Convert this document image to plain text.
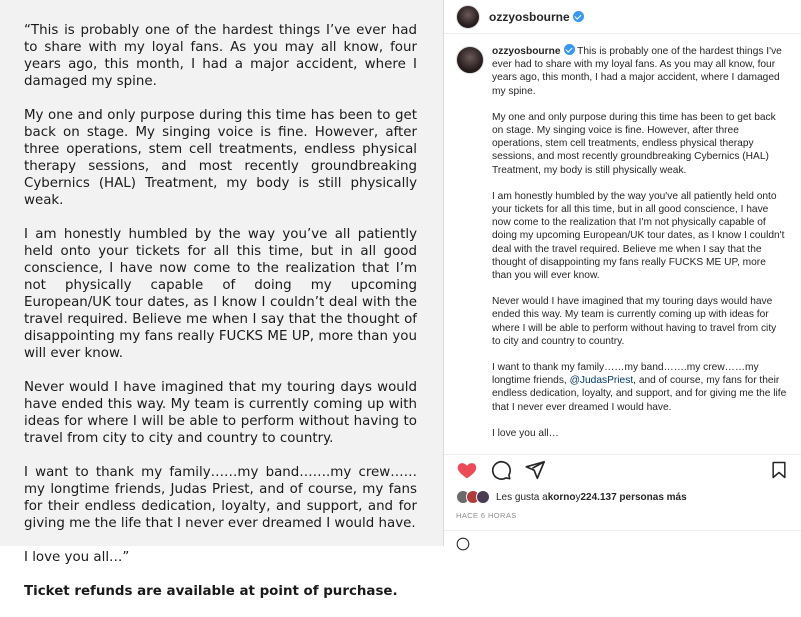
“This is probably one of the hardest things I’ve ever had to share with my loyal fans. As you may all know, four years ago, this month, I had a major accident, where I damaged my spine.

My one and only purpose during this time has been to get back on stage. My singing voice is fine. However, after three operations, stem cell treatments, endless physical therapy sessions, and most recently groundbreaking Cybernics (HAL) Treatment, my body is still physically weak.

I am honestly humbled by the way you’ve all patiently held onto your tickets for all this time, but in all good conscience, I have now come to the realization that I’m not physically capable of doing my upcoming European/UK tour dates, as I know I couldn’t deal with the travel required. Believe me when I say that the thought of disappointing my fans really FUCKS ME UP, more than you will ever know.

Never would I have imagined that my touring days would have ended this way. My team is currently coming up with ideas for where I will be able to perform without having to travel from city to city and country to country.

I want to thank my family……my band…….my crew……my longtime friends, Judas Priest, and of course, my fans for their endless dedication, loyalty, and support, and for giving me the life that I never ever dreamed I would have.

I love you all…”

Ticket refunds are available at point of purchase.

ozzyosbourne

ozzyosbourne This is probably one of the hardest things I've ever had to share with my loyal fans. As you may all know, four years ago, this month, I had a major accident, where I damaged my spine.

My one and only purpose during this time has been to get back on stage. My singing voice is fine. However, after three operations, stem cell treatments, endless physical therapy sessions, and most recently groundbreaking Cybernics (HAL) Treatment, my body is still physically weak.

I am honestly humbled by the way you've all patiently held onto your tickets for all this time, but in all good conscience, I have now come to the realization that I'm not physically capable of doing my upcoming European/UK tour dates, as I know I couldn't deal with the travel required. Believe me when I say that the thought of disappointing my fans really FUCKS ME UP, more than you will ever know.

Never would I have imagined that my touring days would have ended this way. My team is currently coming up with ideas for where I will be able to perform without having to travel from city to city and country to country.

I want to thank my family……my band…….my crew……my longtime friends, @JudasPriest, and of course, my fans for their endless dedication, loyalty, and support, and for giving me the life that I never ever dreamed I would have.

I love you all…

Les gusta a korno y 224.137 personas más
HACE 6 HORAS
